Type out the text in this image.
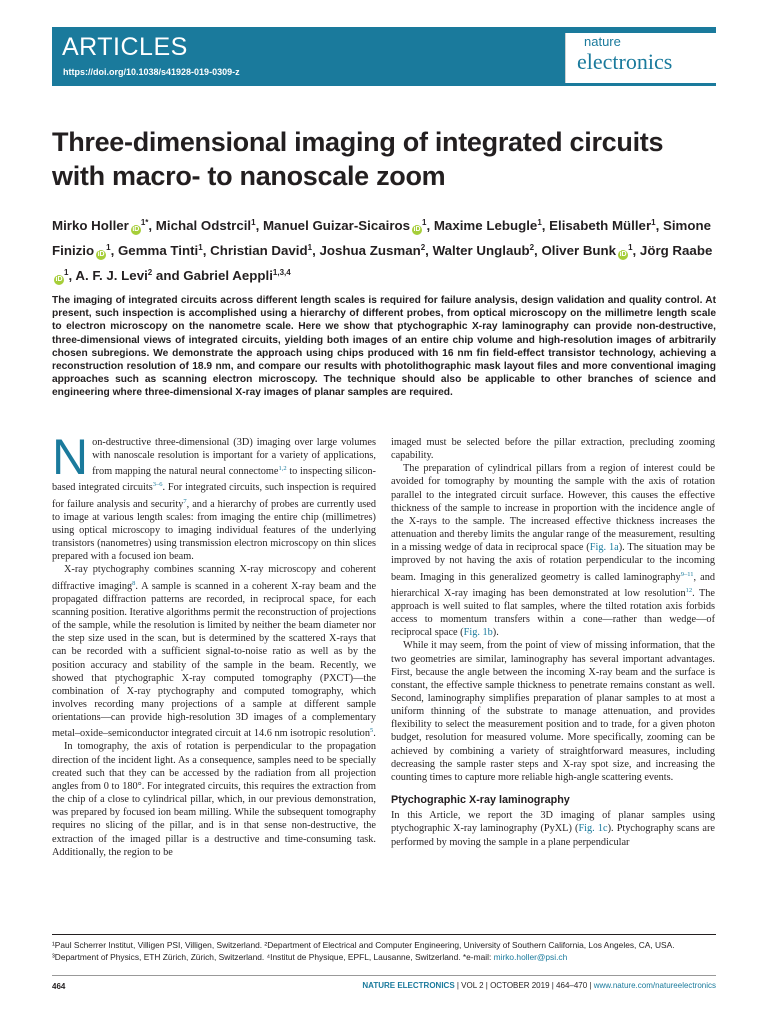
ARTICLES
https://doi.org/10.1038/s41928-019-0309-z
nature
electronics
Three-dimensional imaging of integrated circuits with macro- to nanoscale zoom
Mirko Holler $iD^{1*}$, Michal Odstrcil$^1$, Manuel Guizar-Sicairos $iD^1$, Maxime Lebugle$^1$, Elisabeth Müller$^1$, Simone Finizio $iD^1$, Gemma Tinti$^1$, Christian David$^1$, Joshua Zusman$^2$, Walter Unglaub$^2$, Oliver Bunk $iD^1$, Jörg RaabeiD$^1$, A. F. J. Levi$^2$ and Gabriel Aeppli$^{1,3,4}$
The imaging of integrated circuits across different length scales is required for failure analysis, design validation and quality control. At present, such inspection is accomplished using a hierarchy of different probes, from optical microscopy on the millimetre length scale to electron microscopy on the nanometre scale. Here we show that ptychographic X-ray laminography can provide non-destructive, three-dimensional views of integrated circuits, yielding both images of an entire chip volume and high-resolution images of arbitrarily chosen subregions. We demonstrate the approach using chips produced with 16 nm fin field-effect transistor technology, achieving a reconstruction resolution of 18.9 nm, and compare our results with photolithographic mask layout files and more conventional imaging approaches such as scanning electron microscopy. The technique should also be applicable to other branches of science and engineering where three-dimensional X-ray images of planar samples are required.

Non-destructive three-dimensional (3D) imaging over large volumes with nanoscale resolution is important for a variety of applications, from mapping the natural neural connectome$^{1,2}$ to inspecting silicon-based integrated circuits$^{3-6}$. For integrated circuits, such inspection is required for failure analysis and security$^7$, and a hierarchy of probes are currently used to image at various length scales: from imaging the entire chip (millimetres) using optical microscopy to imaging individual features of the underlying transistors (nanometres) using transmission electron microscopy on thin slices prepared with a focused ion beam.

X-ray ptychography combines scanning X-ray microscopy and coherent diffractive imaging$^8$. A sample is scanned in a coherent X-ray beam and the propagated diffraction patterns are recorded, in reciprocal space, for each scanning position. Iterative algorithms permit the reconstruction of projections of the sample, while the resolution is limited by neither the beam diameter nor the step size used in the scan, but is determined by the scattered X-rays that can be recorded with a sufficient signal-to-noise ratio as well as by the position accuracy and stability of the sample in the beam. Recently, we showed that ptychographic X-ray computed tomography (PXCT)—the combination of X-ray ptychography and computed tomography, which involves recording many projections of a sample at different sample orientations—can provide high-resolution 3D images of a complementary metal–oxide–semiconductor integrated circuit at 14.6 nm isotropic resolution$^5$.

In tomography, the axis of rotation is perpendicular to the propagation direction of the incident light. As a consequence, samples need to be specially created such that they can be accessed by the radiation from all projection angles from 0 to 180°. For integrated circuits, this requires the extraction from the chip of a close to cylindrical pillar, which, in our previous demonstration, was prepared by focused ion beam milling. While the subsequent tomography requires no slicing of the pillar, and is in that sense non-destructive, the extraction of the imaged pillar is a destructive and time-consuming task. Additionally, the region to be

imaged must be selected before the pillar extraction, precluding zooming capability.

The preparation of cylindrical pillars from a region of interest could be avoided for tomography by mounting the sample with the axis of rotation parallel to the integrated circuit surface. However, this causes the effective thickness of the sample to increase in proportion with the incidence angle of the X-rays to the sample. The increased effective thickness increases the attenuation and thereby limits the angular range of the measurement, resulting in a missing wedge of data in reciprocal space (Fig. 1a). The situation may be improved by not having the axis of rotation perpendicular to the incoming beam. Imaging in this generalized geometry is called laminography$^{9-11}$, and hierarchical X-ray imaging has been demonstrated at low resolution$^{12}$. The approach is well suited to flat samples, where the tilted rotation axis forbids access to momentum transfers within a cone—rather than wedge—of reciprocal space (Fig. 1b).

While it may seem, from the point of view of missing information, that the two geometries are similar, laminography has several important advantages. First, because the angle between the incoming X-ray beam and the surface is constant, the effective sample thickness to penetrate remains constant as well. Second, laminography simplifies preparation of planar samples to at most a uniform thinning of the substrate to manage attenuation, and provides flexibility to select the measurement position and to trade, for a given photon budget, resolution for measured volume. More specifically, zooming can be achieved by combining a variety of straightforward measures, including decreasing the sample raster steps and X-ray spot size, and increasing the counting times to capture more reliable high-angle scattering events.

Ptychographic X-ray laminography

In this Article, we report the 3D imaging of planar samples using ptychographic X-ray laminography (PyXL) (Fig. 1c). Ptychography scans are performed by moving the sample in a plane perpendicular

¹Paul Scherrer Institut, Villigen PSI, Villigen, Switzerland. ²Department of Electrical and Computer Engineering, University of Southern California, Los Angeles, CA, USA. ³Department of Physics, ETH Zürich, Zürich, Switzerland. ⁴Institut de Physique, EPFL, Lausanne, Switzerland. *e-mail: mirko.holler@psi.ch
464	NATURE ELECTRONICS | VOL 2 | OCTOBER 2019 | 464–470 | www.nature.com/natureelectronics
